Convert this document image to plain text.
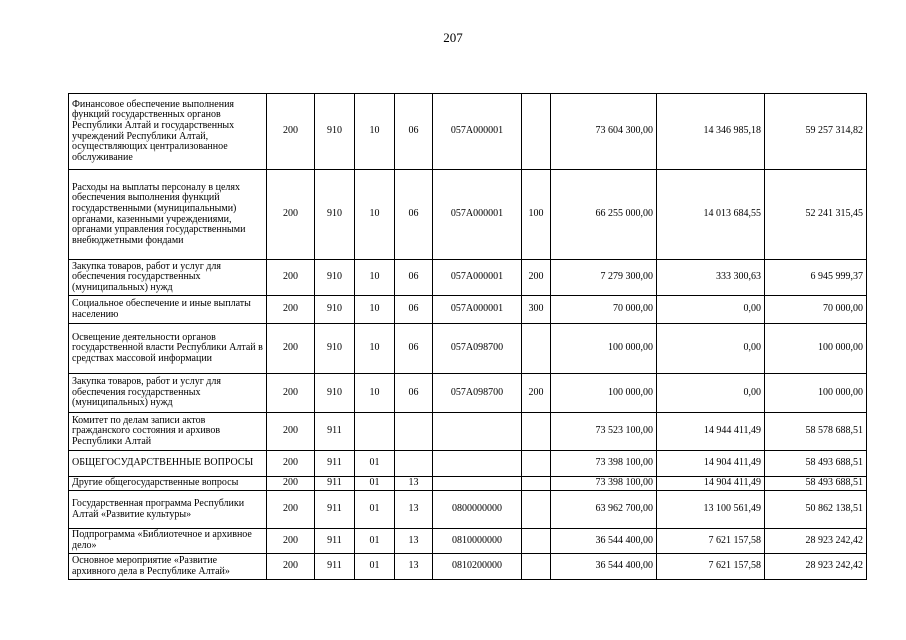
207
Финансовое обеспечение выполнения функций государственных органов Республики Алтай и государственных учреждений Республики Алтай, осуществляющих централизованное обслуживание	200	910	10	06	057A000001		73 604 300,00	14 346 985,18	59 257 314,82
Расходы на выплаты персоналу в целях обеспечения выполнения функций государственными (муниципальными) органами, казенными учреждениями, органами управления государственными внебюджетными фондами	200	910	10	06	057A000001	100	66 255 000,00	14 013 684,55	52 241 315,45
Закупка товаров, работ и услуг для обеспечения государственных (муниципальных) нужд	200	910	10	06	057A000001	200	7 279 300,00	333 300,63	6 945 999,37
Социальное обеспечение и иные выплаты населению	200	910	10	06	057A000001	300	70 000,00	0,00	70 000,00
Освещение деятельности органов государственной власти Республики Алтай в средствах массовой информации	200	910	10	06	057A098700		100 000,00	0,00	100 000,00
Закупка товаров, работ и услуг для обеспечения государственных (муниципальных) нужд	200	910	10	06	057A098700	200	100 000,00	0,00	100 000,00
Комитет по делам записи актов гражданского состояния и архивов Республики Алтай	200	911					73 523 100,00	14 944 411,49	58 578 688,51
ОБЩЕГОСУДАРСТВЕННЫЕ ВОПРОСЫ	200	911	01				73 398 100,00	14 904 411,49	58 493 688,51
Другие общегосударственные вопросы	200	911	01	13			73 398 100,00	14 904 411,49	58 493 688,51
Государственная программа Республики Алтай «Развитие культуры»	200	911	01	13	0800000000		63 962 700,00	13 100 561,49	50 862 138,51
Подпрограмма «Библиотечное и архивное дело»	200	911	01	13	0810000000		36 544 400,00	7 621 157,58	28 923 242,42
Основное мероприятие «Развитие архивного дела в Республике Алтай»	200	911	01	13	0810200000		36 544 400,00	7 621 157,58	28 923 242,42
